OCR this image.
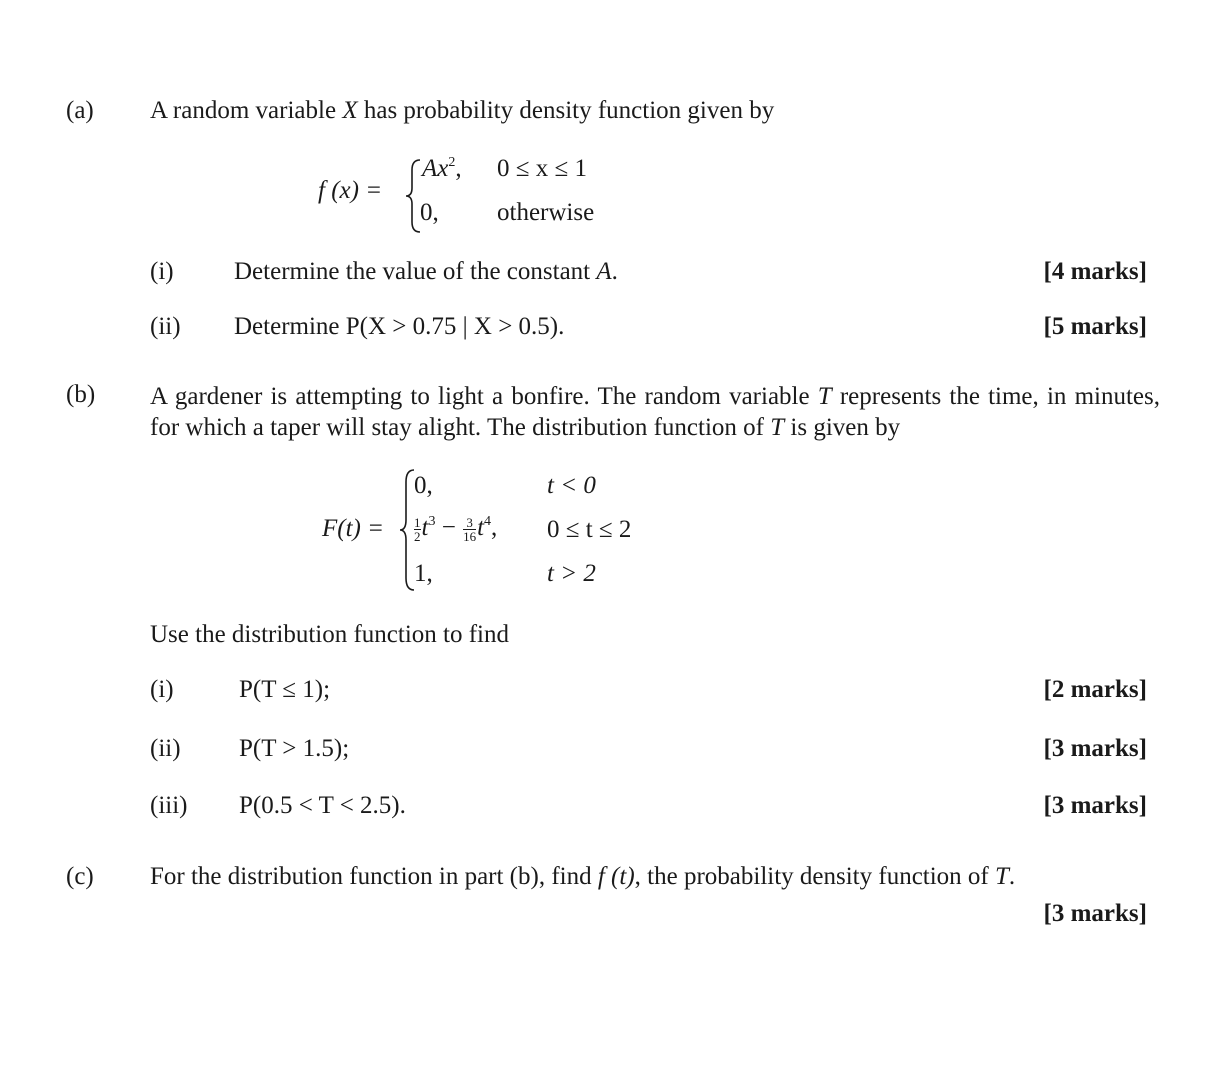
(a) A random variable X has probability density function given by
f (x) =
$Ax^2$, 0 ≤ x ≤ 1
0, otherwise
(i) Determine the value of the constant A.	[4 marks]
(ii) Determine P(X > 0.75 | X > 0.5).	[5 marks]
(b) A gardener is attempting to light a bonfire. The random variable T represents the time, in minutes, for which a taper will stay alight. The distribution function of T is given by
F(t) =
0,	t < 0
$\frac{1}{2} t^3 - \frac{3}{16} t^4$, 0 ≤ t ≤ 2
1,	t > 2
Use the distribution function to find
(i)	P(T ≤ 1);	[2 marks]
(ii) P(T > 1.5);	[3 marks]
(iii) P(0.5 < T < 2.5).	[3 marks]
(c) For the distribution function in part (b), find f (t), the probability density function of T.
[3 marks]
